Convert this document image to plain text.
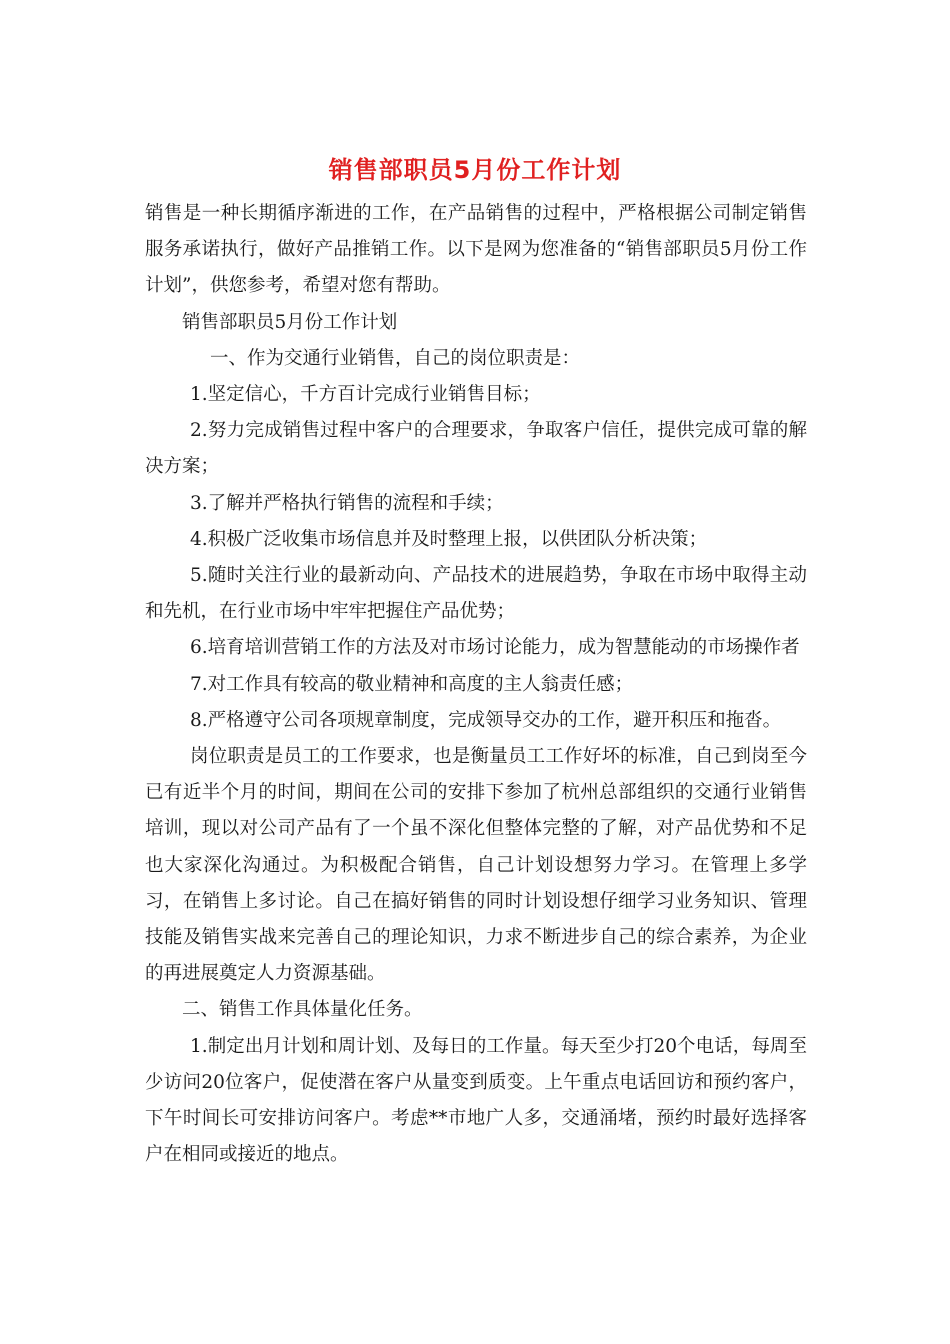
销售部职员5月份工作计划

销售是一种长期循序渐进的工作，在产品销售的过程中，严格根据公司制定销售服务承诺执行，做好产品推销工作。以下是网为您准备的“销售部职员5月份工作计划”，供您参考，希望对您有帮助。

销售部职员5月份工作计划

一、作为交通行业销售，自己的岗位职责是：

1.坚定信心，千方百计完成行业销售目标；

2.努力完成销售过程中客户的合理要求，争取客户信任，提供完成可靠的解决方案；

3.了解并严格执行销售的流程和手续；

4.积极广泛收集市场信息并及时整理上报，以供团队分析决策；

5.随时关注行业的最新动向、产品技术的进展趋势，争取在市场中取得主动和先机，在行业市场中牢牢把握住产品优势；

6.培育培训营销工作的方法及对市场讨论能力，成为智慧能动的市场操作者

7.对工作具有较高的敬业精神和高度的主人翁责任感；

8.严格遵守公司各项规章制度，完成领导交办的工作，避开积压和拖沓。

岗位职责是员工的工作要求，也是衡量员工工作好坏的标准，自己到岗至今已有近半个月的时间，期间在公司的安排下参加了杭州总部组织的交通行业销售培训，现以对公司产品有了一个虽不深化但整体完整的了解，对产品优势和不足也大家深化沟通过。为积极配合销售，自己计划设想努力学习。在管理上多学习，在销售上多讨论。自己在搞好销售的同时计划设想仔细学习业务知识、管理技能及销售实战来完善自己的理论知识，力求不断进步自己的综合素养，为企业的再进展奠定人力资源基础。

二、销售工作具体量化任务。

1.制定出月计划和周计划、及每日的工作量。每天至少打20个电话，每周至少访问20位客户，促使潜在客户从量变到质变。上午重点电话回访和预约客户，下午时间长可安排访问客户。考虑**市地广人多，交通涌堵，预约时最好选择客户在相同或接近的地点。
